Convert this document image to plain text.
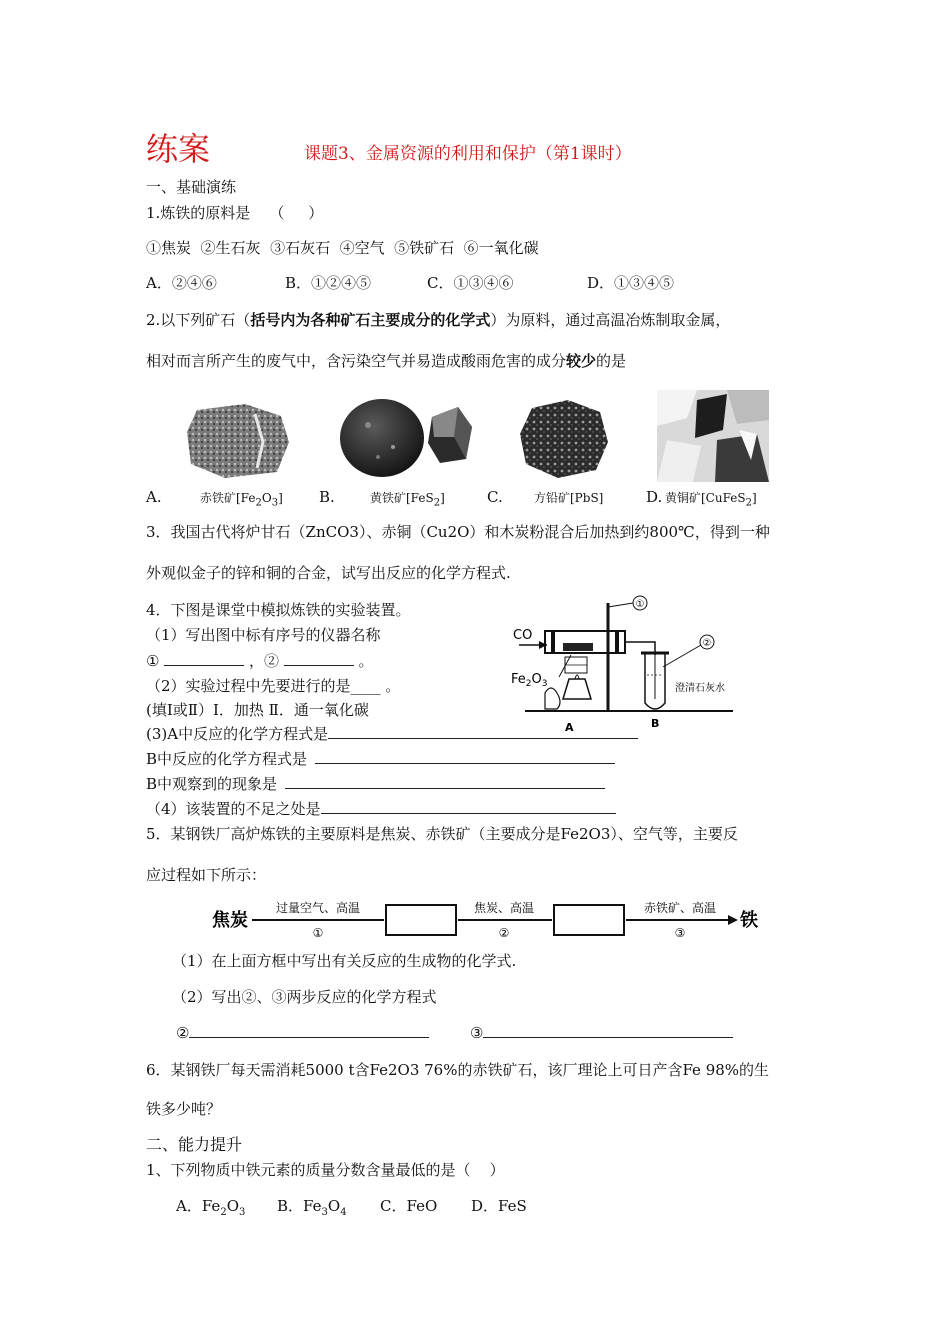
练案	课题3、金属资源的利用和保护（第1课时）
一、基础演练
1.炼铁的原料是    （     ）
①焦炭  ②生石灰  ③石灰石  ④空气  ⑤铁矿石  ⑥一氧化碳
A．②④⑥	B．①②④⑤	C．①③④⑥	D．①③④⑤
2.以下列矿石（括号内为各种矿石主要成分的化学式）为原料，通过高温冶炼制取金属，
相对而言所产生的废气中，含污染空气并易造成酸雨危害的成分较少的是
A.	赤铁矿$[Fe_2O_3]$ B.	黄铁矿[FeS$_2$]	C.	方铅矿[PbS]	D. 黄铜矿[CuFeS$_2$]
3．我国古代将炉甘石（ZnCO3）、赤铜（Cu2O）和木炭粉混合后加热到约800℃，得到一种
外观似金子的锌和铜的合金，试写出反应的化学方程式.
4．下图是课堂中模拟炼铁的实验装置。
（1）写出图中标有序号的仪器名称
①	，②	。
（2）实验过程中先要进行的是____ 。
(填Ⅰ或Ⅱ）Ⅰ．加热 Ⅱ．通一氧化碳
(3)A中反应的化学方程式是
B中反应的化学方程式是
B中观察到的现象是
（4）该装置的不足之处是
①
CO
$Fe_2O_3$
②
澄清石灰水
A	B
5．某钢铁厂高炉炼铁的主要原料是焦炭、赤铁矿（主要成分是Fe2O3）、空气等，主要反
应过程如下所示：
焦炭
过量空气、高温
①
焦炭、高温
②
赤铁矿、高温
③
铁
（1）在上面方框中写出有关反应的生成物的化学式.
（2）写出②、③两步反应的化学方程式
②	③
6．某钢铁厂每天需消耗5000 t含Fe2O3 76%的赤铁矿石，该厂理论上可日产含Fe 98%的生
铁多少吨？
二、能力提升
1、下列物质中铁元素的质量分数含量最低的是（    ）
A．$Fe_2O_3$ B．$Fe_3O_4$ C．FeO D．FeS
